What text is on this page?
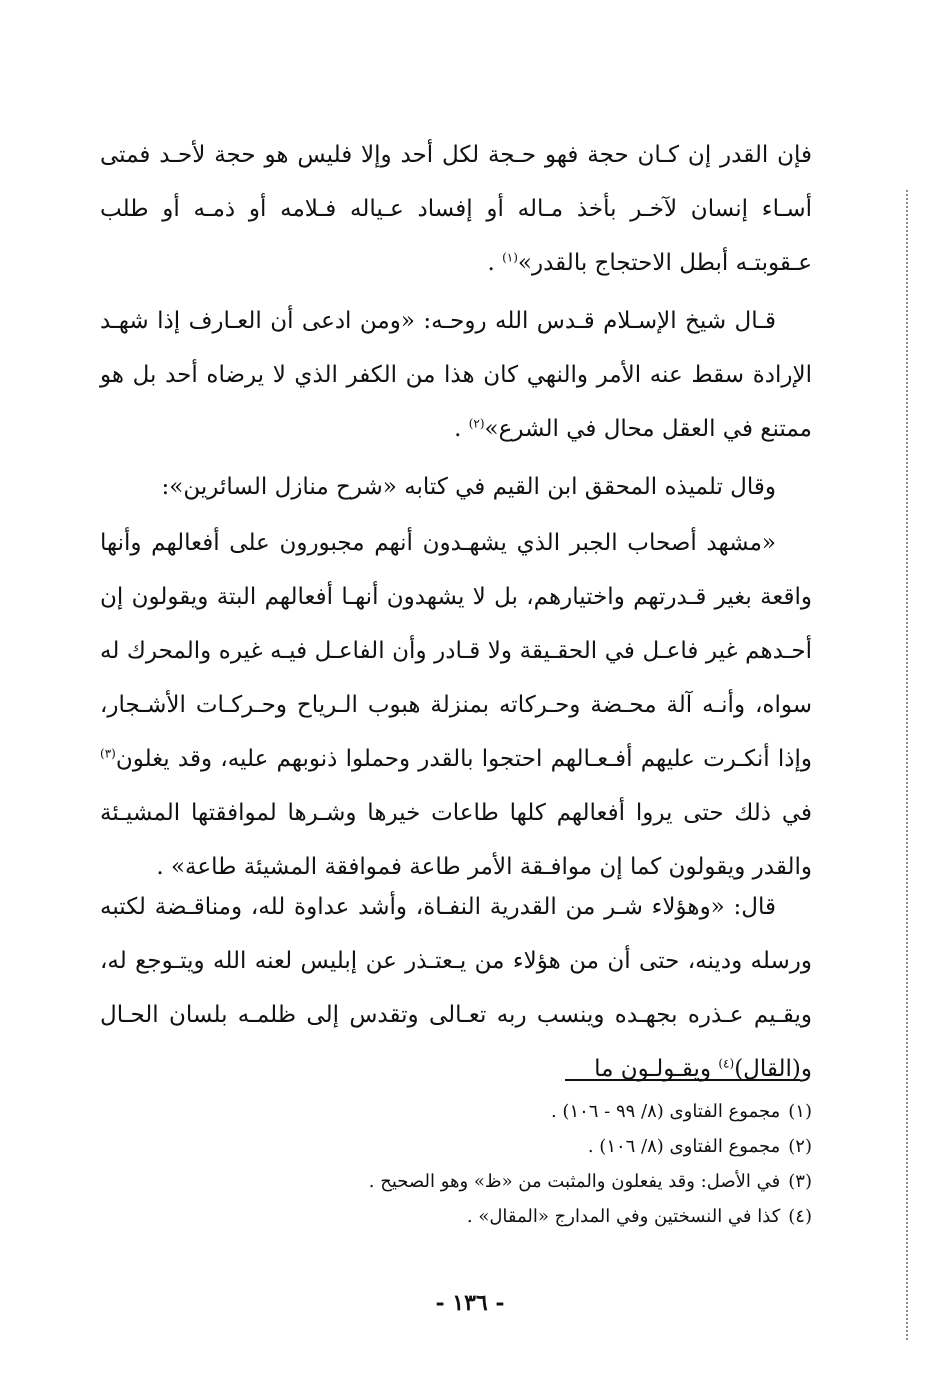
فإن القدر إن كـان حجة فهو حـجة لكل أحد وإلا فليس هو حجة لأحـد فمتى أسـاء إنسان لآخـر بأخذ مـاله أو إفساد عـياله فـلامه أو ذمـه أو طلب عـقوبتـه أبطل الاحتجاج بالقدر»$^{(١)}$ .

قـال شيخ الإسـلام قـدس الله روحـه: «ومن ادعى أن العـارف إذا شهـد الإرادة سقط عنه الأمر والنهي كان هذا من الكفر الذي لا يرضاه أحد بل هو ممتنع في العقل محال في الشرع»$^{(٢)}$ .

وقال تلميذه المحقق ابن القيم في كتابه «شرح منازل السائرين»:

«مشهد أصحاب الجبر الذي يشهـدون أنهم مجبورون على أفعالهم وأنها واقعة بغير قـدرتهم واختيارهم، بل لا يشهدون أنهـا أفعالهم البتة ويقولون إن أحـدهم غير فاعـل في الحقـيقة ولا قـادر وأن الفاعـل فيـه غيره والمحرك له سواه، وأنـه آلة محـضة وحـركاته بمنزلة هبوب الـرياح وحـركـات الأشـجار، وإذا أنكـرت عليهم أفـعـالهم احتجوا بالقدر وحملوا ذنوبهم عليه، وقد يغلون$^{(٣)}$ في ذلك حتى يروا أفعالهم كلها طاعات خيرها وشـرها لموافقتها المشيـئة والقدر ويقولون كما إن موافـقة الأمر طاعة فموافقة المشيئة طاعة» .

قال: «وهؤلاء شـر من القدرية النفـاة، وأشد عداوة لله، ومناقـضة لكتبه ورسله ودينه، حتى أن من هؤلاء من يـعتـذر عن إبليس لعنه الله ويتـوجع له، ويقـيم عـذره بجهـده وينسب ربه تعـالى وتقدس إلى ظلمـه بلسان الحـال و(القال)$^{(٤)}$ ويقـولـون ما

(١)مجموع الفتاوى (٨/ ٩٩ - ١٠٦) .
(٢)مجموع الفتاوى (٨/ ١٠٦) .
(٣)في الأصل: وقد يفعلون والمثبت من «ظ» وهو الصحيح .
(٤)كذا في النسختين وفي المدارج «المقال» .
- ١٣٦ -
